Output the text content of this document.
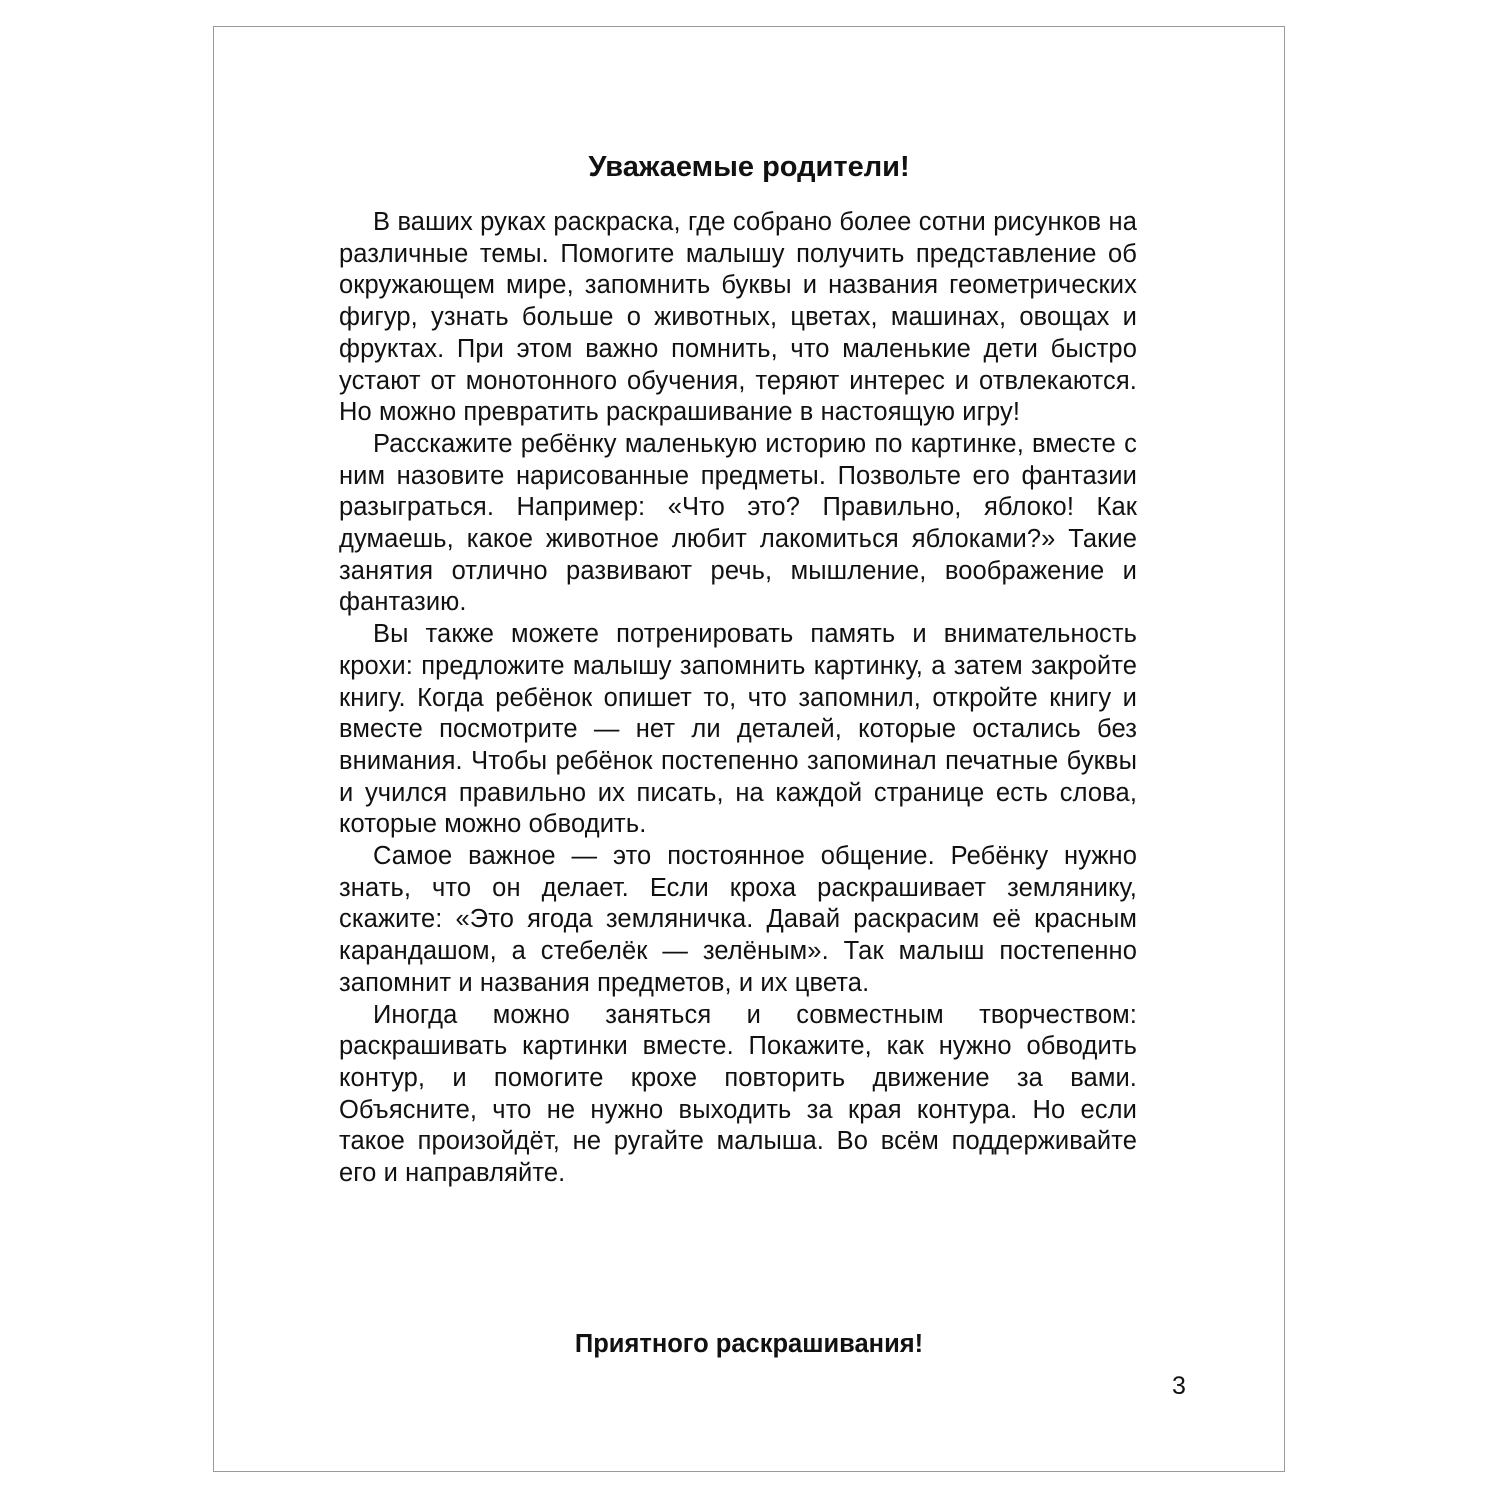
Уважаемые родители!

В ваших руках раскраска, где собрано более сотни рисунков на различные темы. Помогите малышу получить представление об окружающем мире, запомнить буквы и названия геометрических фигур, узнать больше о животных, цветах, машинах, овощах и фруктах. При этом важно помнить, что маленькие дети быстро устают от монотонного обучения, теряют интерес и отвлекаются. Но можно превратить раскрашивание в настоящую игру!

Расскажите ребёнку маленькую историю по картинке, вместе с ним назовите нарисованные предметы. Позвольте его фантазии разыграться. Например: «Что это? Правильно, яблоко! Как думаешь, какое животное любит лакомиться яблоками?» Такие занятия отлично развивают речь, мышление, воображение и фантазию.

Вы также можете потренировать память и внимательность крохи: предложите малышу запомнить картинку, а затем закройте книгу. Когда ребёнок опишет то, что запомнил, откройте книгу и вместе посмотрите — нет ли деталей, которые остались без внимания. Чтобы ребёнок постепенно запоминал печатные буквы и учился правильно их писать, на каждой странице есть слова, которые можно обводить.

Самое важное — это постоянное общение. Ребёнку нужно знать, что он делает. Если кроха раскрашивает землянику, скажите: «Это ягода земляничка. Давай раскрасим её красным карандашом, а стебелёк — зелёным». Так малыш постепенно запомнит и названия предметов, и их цвета.

Иногда можно заняться и совместным творчеством: раскрашивать картинки вместе. Покажите, как нужно обводить контур, и помогите крохе повторить движение за вами. Объясните, что не нужно выходить за края контура. Но если такое произойдёт, не ругайте малыша. Во всём поддерживайте его и направляйте.

Приятного раскрашивания!

3
